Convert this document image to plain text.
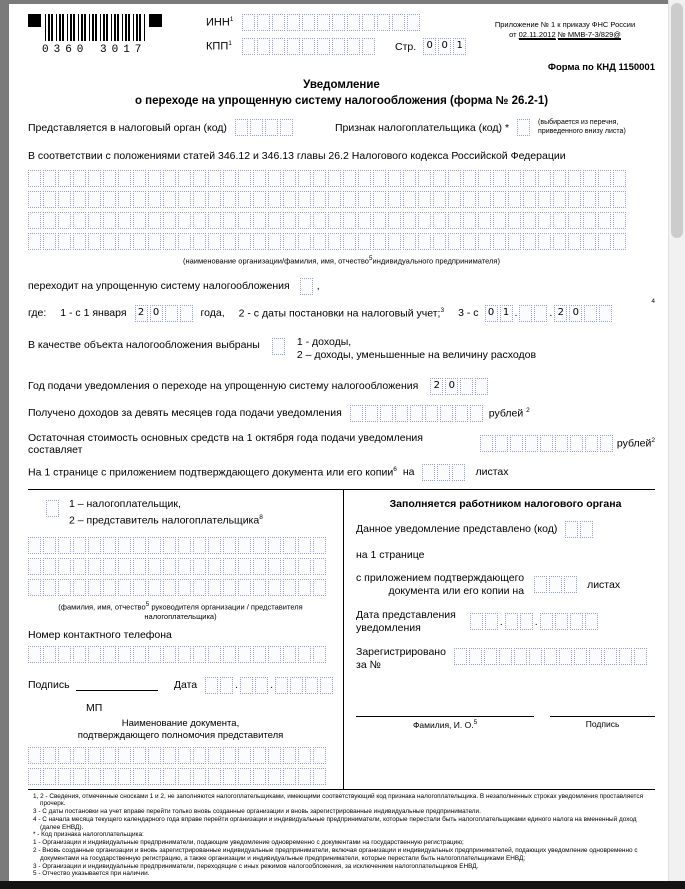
0360 3017
ИНН$^1$
КПП$^1$	Стр.	0 0 1
Приложение № 1 к приказу ФНС России
от 02.11.2012 № ММВ-7-3/829@
Форма по КНД 1150001
Уведомление
о переходе на упрощенную систему налогообложения (форма № 26.2-1)
Представляется в налоговый орган (код)	Признак налогоплательщика (код) *	(выбирается из перечня,
приведенного внизу листа)
В соответствии с положениями статей 346.12 и 346.13 главы 26.2 Налогового кодекса Российской Федерации
(наименование организации/фамилия, имя, отчество$^5$индивидуального предпринимателя)
переходит на упрощенную систему налогообложения	,
где: 1 - с 1 января	2 0	года, 2 - с даты постановки на налоговый учет;$^3$ 3 - с 0 1 .	. 2 0
4
В качестве объекта налогообложения выбраны	1 - доходы,
2 – доходы, уменьшенные на величину расходов
Год подачи уведомления о переходе на упрощенную систему налогообложения	2 0
Получено доходов за девять месяцев года подачи уведомления	рублей $^2$
Остаточная стоимость основных средств на 1 октября года подачи уведомления составляет	рублей$^2$
На 1 странице с приложением подтверждающего документа или его копии$^6$ на	листах
1 – налогоплательщик,
2 – представитель налогоплательщика$^8$
(фамилия, имя, отчество$^5$ руководителя организации / представителя
налогоплательщика)
Номер контактного телефона
Подпись	Дата	.	.
МП
Наименование документа,
подтверждающего полномочия представителя
Заполняется работником налогового органа
Данное уведомление представлено (код)
на 1 странице
с приложением подтверждающего
документа или его копии на	листах
Дата представления
уведомления	.	.
Зарегистрировано
за №
Фамилия, И. О.$^5$	Подпись
1, 2 - Сведения, отмеченные сносками 1 и 2, не заполняются налогоплательщиками, имеющими соответствующий код признака налогоплательщика. В незаполненных строках уведомления проставляется прочерк.
3 - С даты постановки на учет вправе перейти только вновь созданные организации и вновь зарегистрированные индивидуальные предприниматели.
4 - С начала месяца текущего календарного года вправе перейти организации и индивидуальные предприниматели, которые перестали быть налогоплательщиками единого налога на вмененный доход (далее ЕНВД).
* - Код признака налогоплательщика:
1 - Организации и индивидуальные предприниматели, подающие уведомление одновременно с документами на государственную регистрацию;
2 - Вновь созданные организации и вновь зарегистрированные индивидуальные предприниматели, включая организации и индивидуальных предпринимателей, подающих уведомление одновременно с документами на государственную регистрацию, а также организации и индивидуальные предприниматели, которые перестали быть налогоплательщиками ЕНВД;
3 - Организации и индивидуальные предприниматели, переходящие с иных режимов налогообложения, за исключением налогоплательщиков ЕНВД.
5 - Отчество указывается при наличии.
